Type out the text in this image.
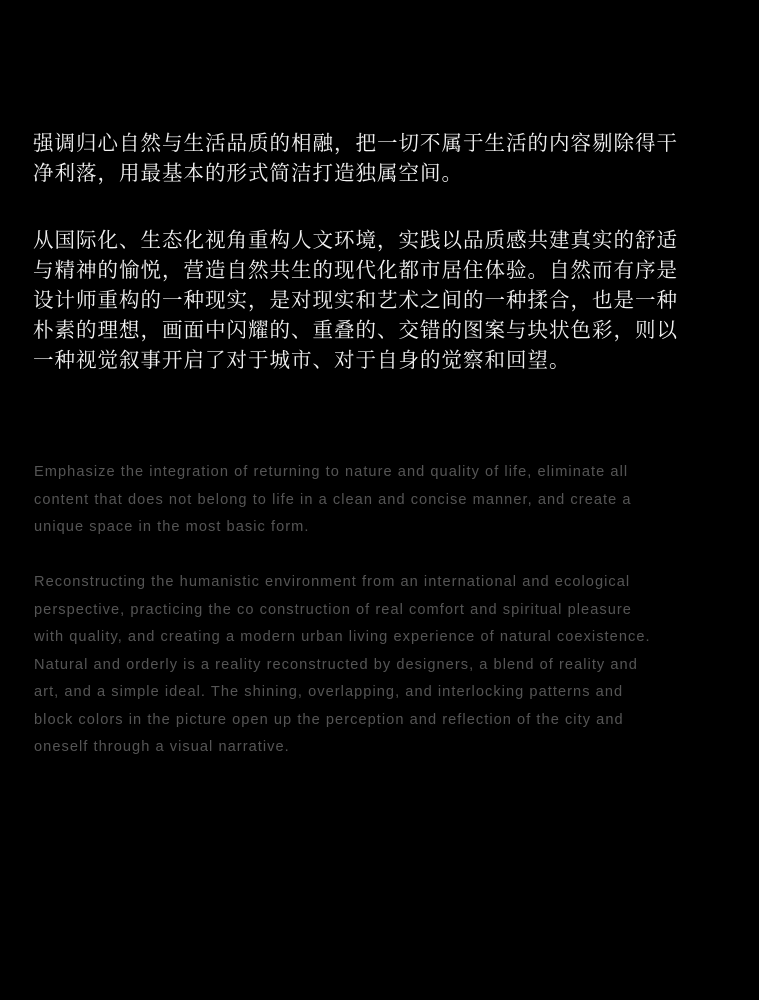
强调归心自然与生活品质的相融，把一切不属于生活的内容剔除得干
净利落，用最基本的形式简洁打造独属空间。
从国际化、生态化视角重构人文环境，实践以品质感共建真实的舒适
与精神的愉悦，营造自然共生的现代化都市居住体验。自然而有序是
设计师重构的一种现实，是对现实和艺术之间的一种揉合，也是一种
朴素的理想，画面中闪耀的、重叠的、交错的图案与块状色彩，则以
一种视觉叙事开启了对于城市、对于自身的觉察和回望。
Emphasize the integration of returning to nature and quality of life, eliminate all
content that does not belong to life in a clean and concise manner, and create a
unique space in the most basic form.
Reconstructing the humanistic environment from an international and ecological
perspective, practicing the co construction of real comfort and spiritual pleasure
with quality, and creating a modern urban living experience of natural coexistence.
Natural and orderly is a reality reconstructed by designers, a blend of reality and
art, and a simple ideal. The shining, overlapping, and interlocking patterns and
block colors in the picture open up the perception and reflection of the city and
oneself through a visual narrative.
